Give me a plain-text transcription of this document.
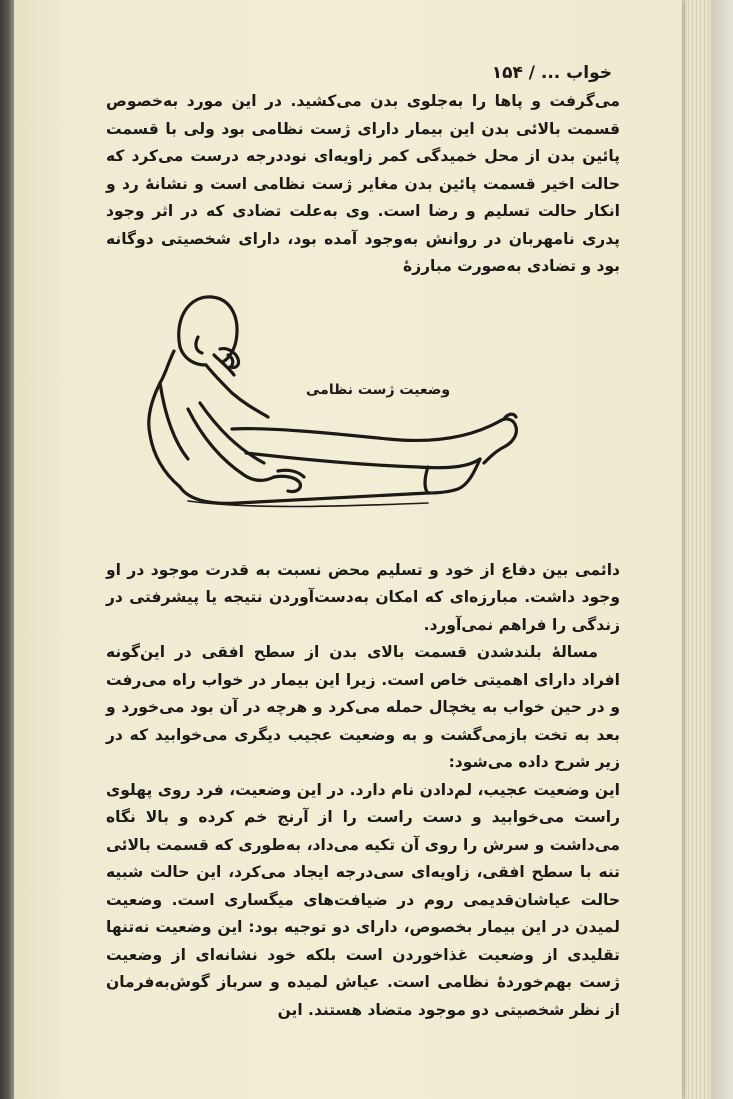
خواب ... / ۱۵۴

می‌گرفت و پاها را به‌جلوی بدن می‌کشید. در این مورد به‌خصوص قسمت بالائی بدن این بیمار دارای ژست نظامی بود ولی با قسمت پائین بدن از محل خمیدگی کمر زاویه‌ای نوددرجه درست می‌کرد که حالت اخیر قسمت پائین بدن مغایر ژست نظامی است و نشانهٔ رد و انکار حالت تسلیم و رضا است. وی به‌علت تضادی که در اثر وجود پدری نامهربان در روانش به‌وجود آمده بود، دارای شخصیتی دوگانه بود و تضادی به‌صورت مبارزهٔ

وضعیت ژست نظامی

دائمی بین دفاع از خود و تسلیم محض نسبت به قدرت موجود در او وجود داشت. مبارزه‌ای که امکان به‌دست‌آوردن نتیجه یا پیشرفتی در زندگی را فراهم نمی‌آورد.

مسالهٔ بلندشدن قسمت بالای بدن از سطح افقی در این‌گونه افراد دارای اهمیتی خاص است. زیرا این بیمار در خواب راه می‌رفت و در حین خواب به یخچال حمله می‌کرد و هرچه در آن بود می‌خورد و بعد به تخت بازمی‌گشت و به وضعیت عجیب دیگری می‌خوابید که در زیر شرح داده می‌شود:

این وضعیت عجیب، لم‌دادن نام دارد. در این وضعیت، فرد روی پهلوی راست می‌خوابید و دست راست را از آرنج خم کرده و بالا نگاه می‌داشت و سرش را روی آن تکیه می‌داد، به‌طوری که قسمت بالائی تنه با سطح افقی، زاویه‌ای سی‌درجه ایجاد می‌کرد، این حالت شبیه حالت عیاشان‌قدیمی روم در ضیافت‌های میگساری است. وضعیت لمیدن در این بیمار بخصوص، دارای دو توجیه بود: این وضعیت نه‌تنها تقلیدی از وضعیت غذاخوردن است بلکه خود نشانه‌ای از وضعیت ژست بهم‌خوردهٔ نظامی است. عیاش لمیده و سرباز گوش‌به‌فرمان از نظر شخصیتی دو موجود متضاد هستند. این
